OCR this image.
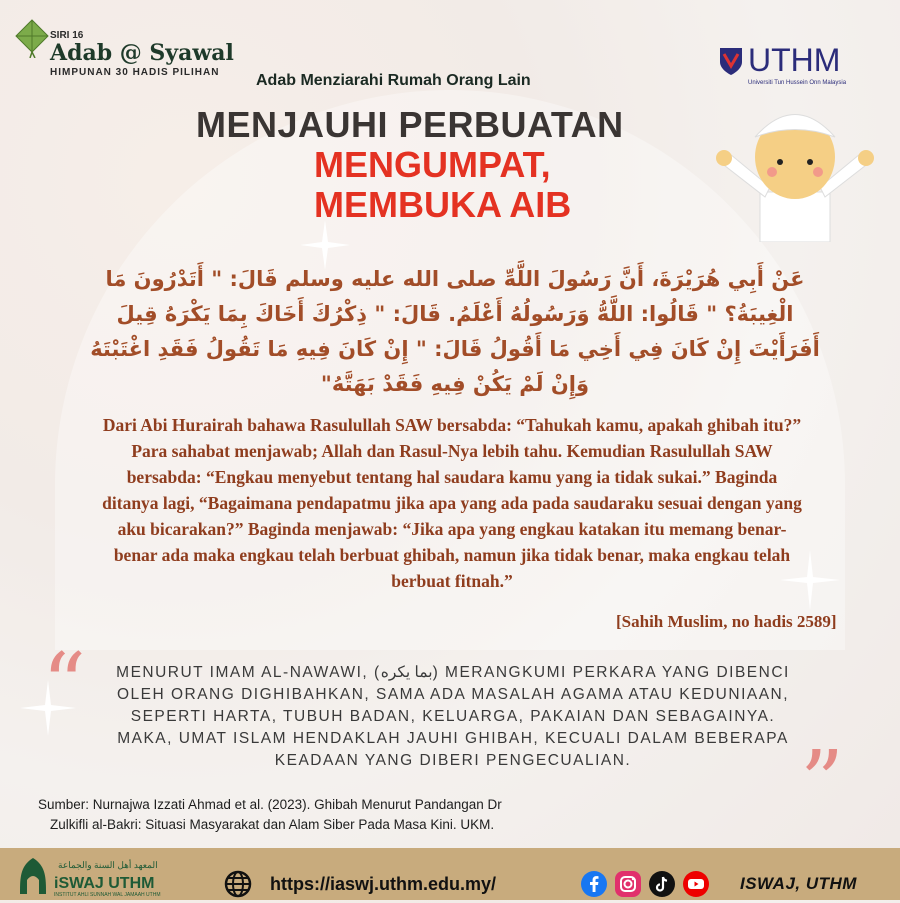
SIRI 16
Adab @ Syawal
HIMPUNAN 30 HADIS PILIHAN Adab Menziarahi Rumah Orang Lain
UTHM
Universiti Tun Hussein Onn Malaysia
MENJAUHI PERBUATAN
MENGUMPAT,
MEMBUKA AIB
عَنْ أَبِي هُرَيْرَةَ، أَنَّ رَسُولَ اللَّهِّ صلى الله عليه وسلم قَالَ: " أَتَدْرُونَ مَا الْغِيبَةُ؟ " قَالُوا: اللَّهُّ وَرَسُولُهُ أَعْلَمُ. قَالَ: " ذِكْرُكَ أَخَاكَ بِمَا يَكْرَهُ قِيلَ أَفَرَأَيْتَ إِنْ كَانَ فِي أَخِي مَا أَقُولُ قَالَ: " إِنْ كَانَ فِيهِ مَا تَقُولُ فَقَدِ اغْتَبْتَهُ وَإِنْ لَمْ يَكُنْ فِيهِ فَقَدْ بَهَتَّهُ"
Dari Abi Hurairah bahawa Rasulullah SAW bersabda: “Tahukah kamu, apakah ghibah itu?” Para sahabat menjawab; Allah dan Rasul-Nya lebih tahu. Kemudian Rasulullah SAW bersabda: “Engkau menyebut tentang hal saudara kamu yang ia tidak sukai.” Baginda ditanya lagi, “Bagaimana pendapatmu jika apa yang ada pada saudaraku sesuai dengan yang aku bicarakan?” Baginda menjawab: “Jika apa yang engkau katakan itu memang benar-benar ada maka engkau telah berbuat ghibah, namun jika tidak benar, maka engkau telah berbuat fitnah.”
[Sahih Muslim, no hadis 2589]
“	MENURUT IMAM AL-NAWAWI, (بما يكره) MERANGKUMI PERKARA YANG DIBENCI OLEH ORANG DIGHIBAHKAN, SAMA ADA MASALAH AGAMA ATAU KEDUNIAAN, SEPERTI HARTA, TUBUH BADAN, KELUARGA, PAKAIAN DAN SEBAGAINYA. MAKA, UMAT ISLAM HENDAKLAH JAUHI GHIBAH, KECUALI DALAM BEBERAPA KEADAAN YANG DIBERI PENGECUALIAN.	”
Sumber: Nurnajwa Izzati Ahmad et al. (2023). Ghibah Menurut Pandangan Dr
Zulkifli al-Bakri: Situasi Masyarakat dan Alam Siber Pada Masa Kini. UKM.
المعهد أهل السنة والجماعة
iSWAJ UTHM
INSTITUT AHLI SUNNAH WAL JAMAAH UTHM
https://iaswj.uthm.edu.my/	ISWAJ, UTHM
